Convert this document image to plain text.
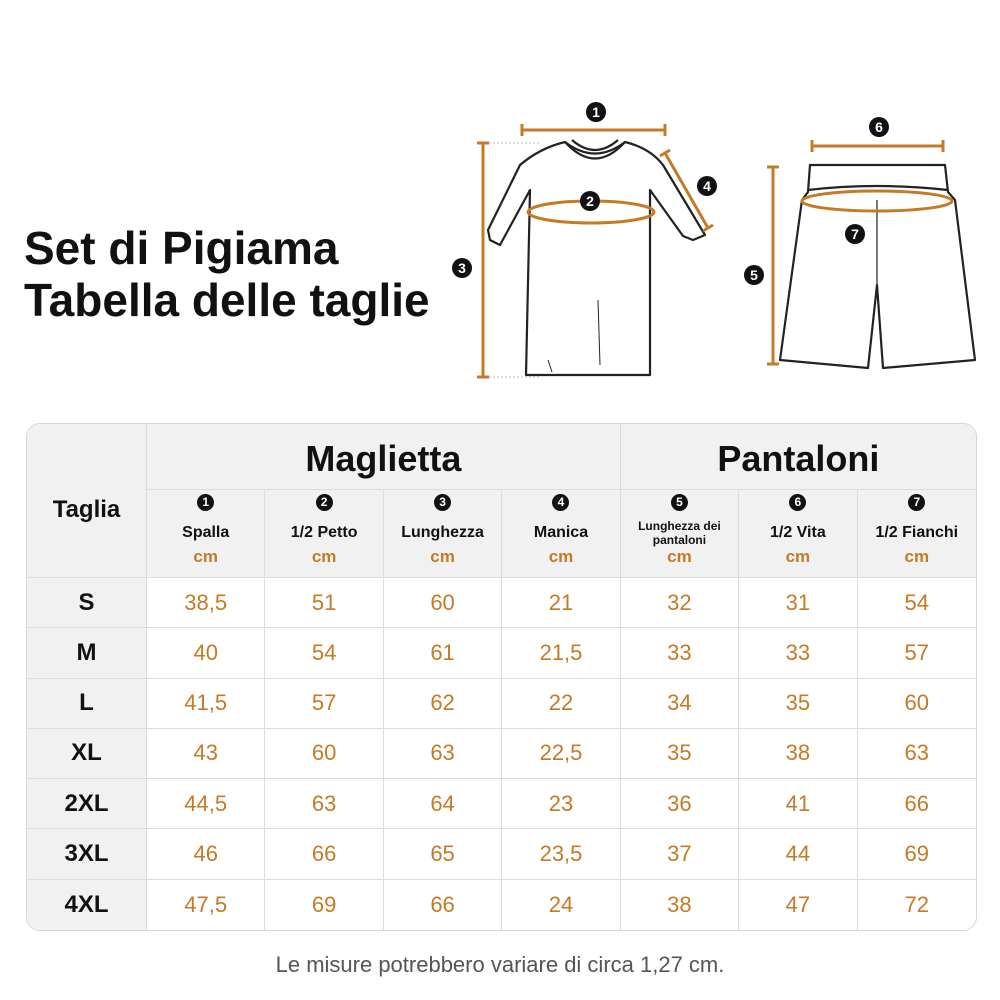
Set di Pigiama
Tabella delle taglie
1
2
3
4
5
6
7
Taglia
Maglietta	Pantaloni
1
Spalla
cm
2
1/2 Petto
cm
3
Lunghezza
cm
4
Manica
cm
5
Lunghezza dei pantaloni
cm
6
1/2 Vita
cm
7
1/2 Fianchi
cm
S	38,5	51	60	21	32	31	54
M	40	54	61	21,5	33	33	57
L	41,5	57	62	22	34	35	60
XL	43	60	63	22,5	35	38	63
2XL	44,5	63	64	23	36	41	66
3XL	46	66	65	23,5	37	44	69
4XL	47,5	69	66	24	38	47	72
Le misure potrebbero variare di circa 1,27 cm.
